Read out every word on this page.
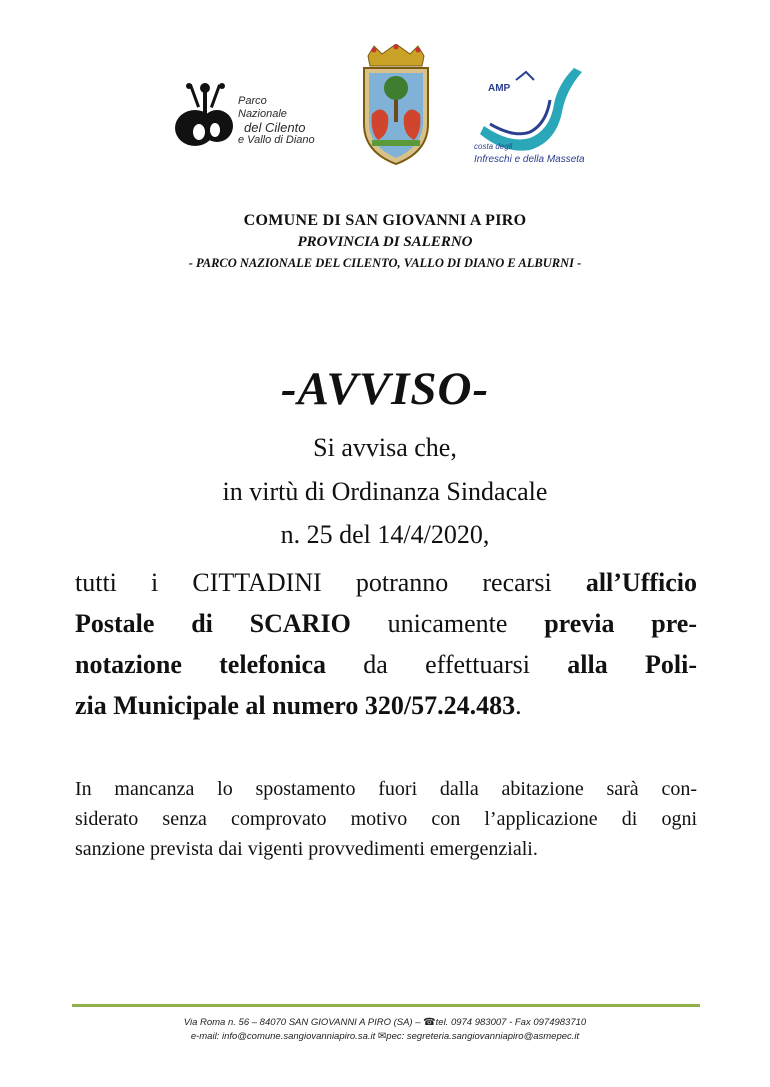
Parco Nazionale
del Cilento
e Vallo di Diano
AMP
costa degli
Infreschi e della Masseta
COMUNE DI SAN GIOVANNI A PIRO
PROVINCIA DI SALERNO
- PARCO NAZIONALE DEL CILENTO, VALLO DI DIANO E ALBURNI -
-AVVISO-
Si avvisa che,
in virtù di Ordinanza Sindacale
n. 25 del 14/4/2020,
tutti i CITTADINI potranno recarsi all’Ufficio
Postale di SCARIO unicamente previa pre-
notazione telefonica da effettuarsi alla Poli-
zia Municipale al numero 320/57.24.483.
In mancanza lo spostamento fuori dalla abitazione sarà con-
siderato senza comprovato motivo con l’applicazione di ogni
sanzione prevista dai vigenti provvedimenti emergenziali.
Via Roma n. 56 – 84070 SAN GIOVANNI A PIRO (SA) – ☎tel. 0974 983007 - Fax 0974983710
e-mail: info@comune.sangiovanniapiro.sa.it ✉pec: segreteria.sangiovanniapiro@asmepec.it
